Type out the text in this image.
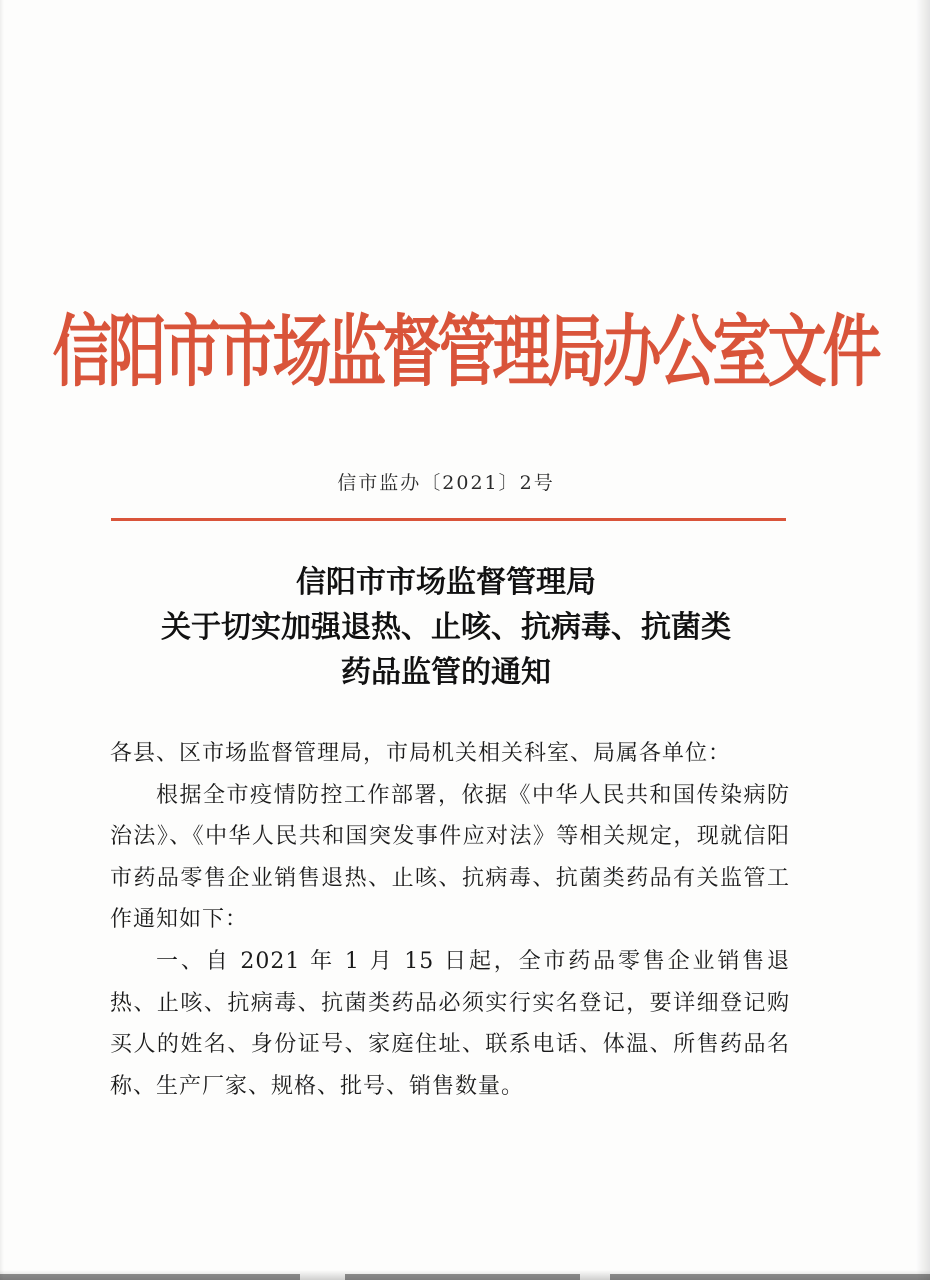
信阳市市场监督管理局办公室文件
信市监办〔2021〕2号
信阳市市场监督管理局
关于切实加强退热、止咳、抗病毒、抗菌类
药品监管的通知

各县、区市场监督管理局，市局机关相关科室、局属各单位：

根据全市疫情防控工作部署，依据《中华人民共和国传染病防治法》、《中华人民共和国突发事件应对法》等相关规定，现就信阳市药品零售企业销售退热、止咳、抗病毒、抗菌类药品有关监管工作通知如下：

一、自 2021 年 1 月 15 日起，全市药品零售企业销售退热、止咳、抗病毒、抗菌类药品必须实行实名登记，要详细登记购买人的姓名、身份证号、家庭住址、联系电话、体温、所售药品名称、生产厂家、规格、批号、销售数量。
